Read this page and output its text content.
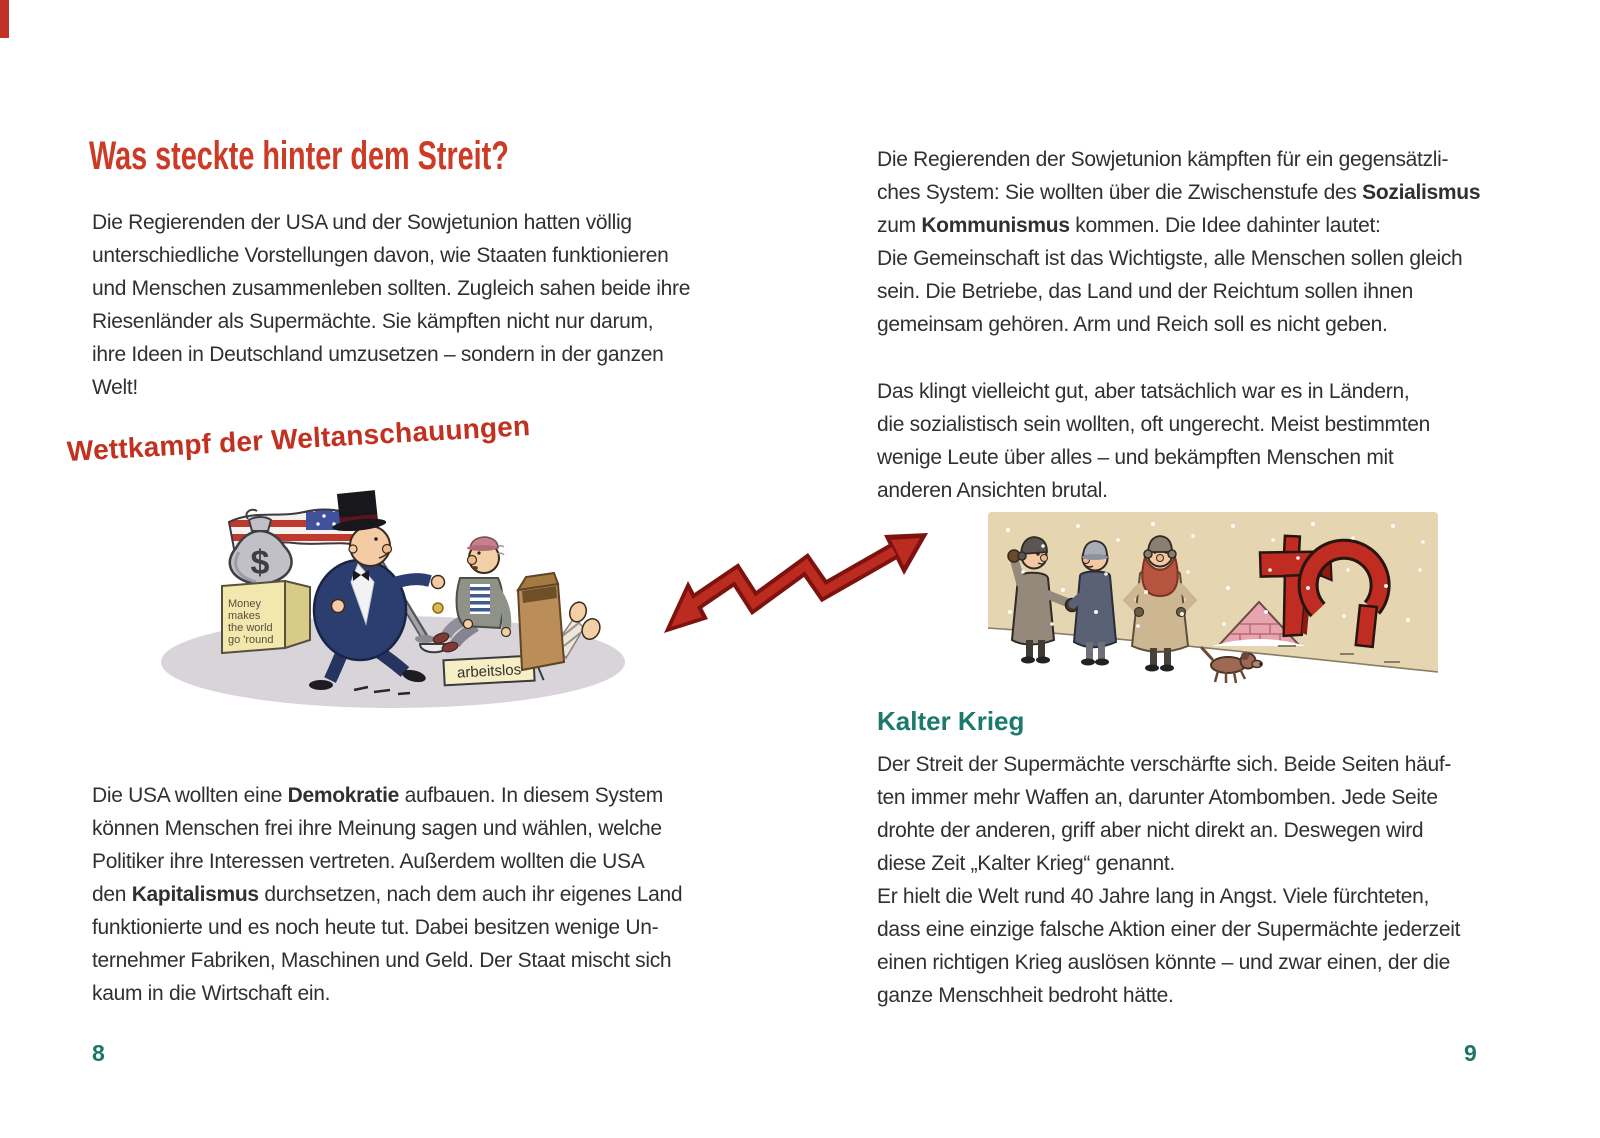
Was steckte hinter dem Streit?
Die Regierenden der USA und der Sowjetunion hatten völlig
unterschiedliche Vorstellungen davon, wie Staaten funktionieren
und Menschen zusammenleben sollten. Zugleich sahen beide ihre
Riesenländer als Supermächte. Sie kämpften nicht nur darum,
ihre Ideen in Deutschland umzusetzen – sondern in der ganzen
Welt!
Wettkampf der Weltanschauungen
$
Money
makes
the world
go 'round
arbeitslos
Die USA wollten eine Demokratie aufbauen. In diesem System
können Menschen frei ihre Meinung sagen und wählen, welche
Politiker ihre Interessen vertreten. Außerdem wollten die USA
den Kapitalismus durchsetzen, nach dem auch ihr eigenes Land
funktionierte und es noch heute tut. Dabei besitzen wenige Un-
ternehmer Fabriken, Maschinen und Geld. Der Staat mischt sich
kaum in die Wirtschaft ein.
8
Die Regierenden der Sowjetunion kämpften für ein gegensätzli-
ches System: Sie wollten über die Zwischenstufe des Sozialismus
zum Kommunismus kommen. Die Idee dahinter lautet:
Die Gemeinschaft ist das Wichtigste, alle Menschen sollen gleich
sein. Die Betriebe, das Land und der Reichtum sollen ihnen
gemeinsam gehören. Arm und Reich soll es nicht geben.
Das klingt vielleicht gut, aber tatsächlich war es in Ländern,
die sozialistisch sein wollten, oft ungerecht. Meist bestimmten
wenige Leute über alles – und bekämpften Menschen mit
anderen Ansichten brutal.
Kalter Krieg
Der Streit der Supermächte verschärfte sich. Beide Seiten häuf-
ten immer mehr Waffen an, darunter Atombomben. Jede Seite
drohte der anderen, griff aber nicht direkt an. Deswegen wird
diese Zeit „Kalter Krieg“ genannt.
Er hielt die Welt rund 40 Jahre lang in Angst. Viele fürchteten,
dass eine einzige falsche Aktion einer der Supermächte jederzeit
einen richtigen Krieg auslösen könnte – und zwar einen, der die
ganze Menschheit bedroht hätte.
9
